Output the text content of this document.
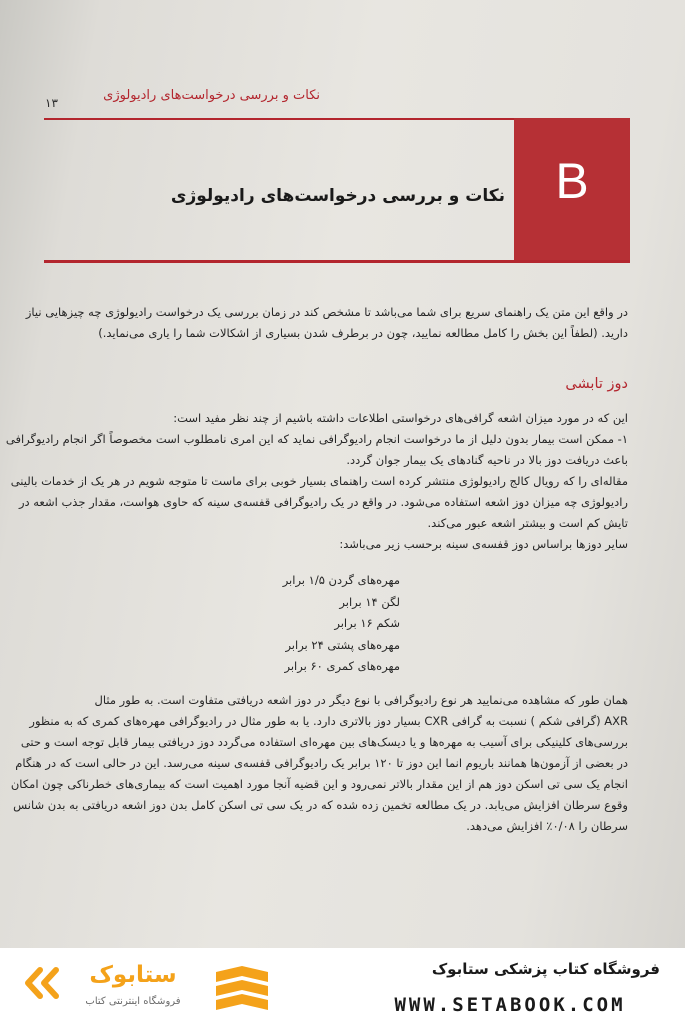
نکات و بررسی درخواست‌های رادیولوژی
۱۳
B
نکات و بررسی درخواست‌های رادیولوژی

در واقع این متن یک راهنمای سریع برای شما می‌باشد تا مشخص کند در زمان بررسی یک درخواست رادیولوژی چه چیزهایی نیاز
دارید. (لطفاً این بخش را کامل مطالعه نمایید، چون در برطرف شدن بسیاری از اشکالات شما را یاری می‌نماید.)

دوز تابشی

این که در مورد میزان اشعه گرافی‌های درخواستی اطلاعات داشته باشیم از چند نظر مفید است:
۱- ممکن است بیمار بدون دلیل از ما درخواست انجام رادیوگرافی نماید که این امری نامطلوب است مخصوصاً اگر انجام رادیوگرافی
باعث دریافت دوز بالا در ناحیه گنادهای یک بیمار جوان گردد.
مقاله‌ای را که رویال کالج رادیولوژی منتشر کرده است راهنمای بسیار خوبی برای ماست تا متوجه شویم در هر یک از خدمات بالینی
رادیولوژی چه میزان دوز اشعه استفاده می‌شود. در واقع در یک رادیوگرافی قفسه‌ی سینه که حاوی هواست، مقدار جذب اشعه در
تایش کم است و بیشتر اشعه عبور می‌کند.
سایر دوزها براساس دوز قفسه‌ی سینه برحسب زیر می‌باشد:

مهره‌های گردن ۱/۵ برابر
لگن ۱۴ برابر
شکم ۱۶ برابر
مهره‌های پشتی ۲۴ برابر
مهره‌های کمری ۶۰ برابر

همان طور که مشاهده می‌نمایید هر نوع رادیوگرافی با نوع دیگر در دوز اشعه دریافتی متفاوت است. به طور مثال
AXR (گرافی شکم ) نسبت به گرافی CXR بسیار دوز بالاتری دارد. یا به طور مثال در رادیوگرافی مهره‌های کمری که به منظور
بررسی‌های کلینیکی برای آسیب به مهره‌ها و یا دیسک‌های بین مهره‌ای استفاده می‌گردد دوز دریافتی بیمار قابل توجه است و حتی
در بعضی از آزمون‌ها همانند باریوم انما این دوز تا ۱۲۰ برابر یک رادیوگرافی قفسه‌ی سینه می‌رسد. این در حالی است که در هنگام
انجام یک سی تی اسکن دوز هم از این مقدار بالاتر نمی‌رود و این قضیه آنجا مورد اهمیت است که بیماری‌های خطرناکی چون امکان
وقوع سرطان افزایش می‌یابد. در یک مطالعه تخمین زده شده که در یک سی تی اسکن کامل بدن دوز اشعه دریافتی به بدن شانس
سرطان را ۰/۰۸٪ افزایش می‌دهد.

ستابوک
فروشگاه اینترنتی کتاب
فروشگاه کتاب پزشکی ستابوک
WWW.SETABOOK.COM
